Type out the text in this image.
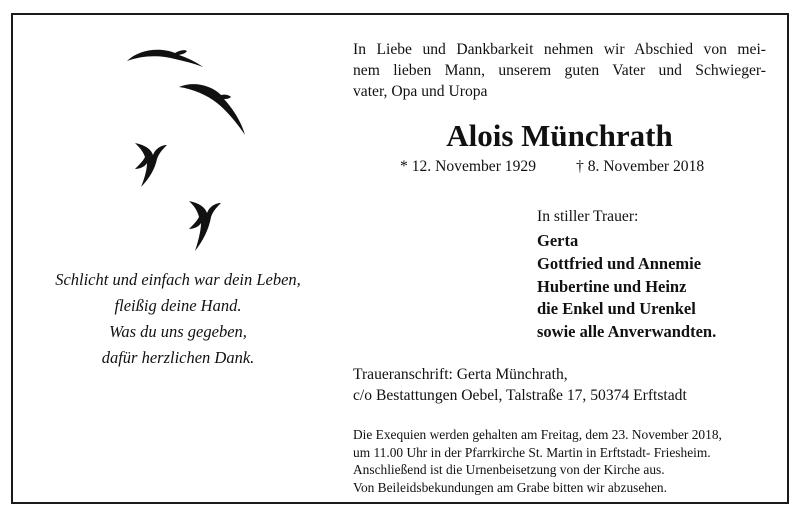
Schlicht und einfach war dein Leben,
fleißig deine Hand.
Was du uns gegeben,
dafür herzlichen Dank.
In Liebe und Dankbarkeit nehmen wir Abschied von mei-
nem lieben Mann, unserem guten Vater und Schwieger-
vater, Opa und Uropa
Alois Münchrath
* 12. November 1929	† 8. November 2018
In stiller Trauer:
Gerta
Gottfried und Annemie
Hubertine und Heinz
die Enkel und Urenkel
sowie alle Anverwandten.
Traueranschrift: Gerta Münchrath,
c/o Bestattungen Oebel, Talstraße 17, 50374 Erftstadt
Die Exequien werden gehalten am Freitag, dem 23. November 2018,
um 11.00 Uhr in der Pfarrkirche St. Martin in Erftstadt- Friesheim.
Anschließend ist die Urnenbeisetzung von der Kirche aus.
Von Beileidsbekundungen am Grabe bitten wir abzusehen.
